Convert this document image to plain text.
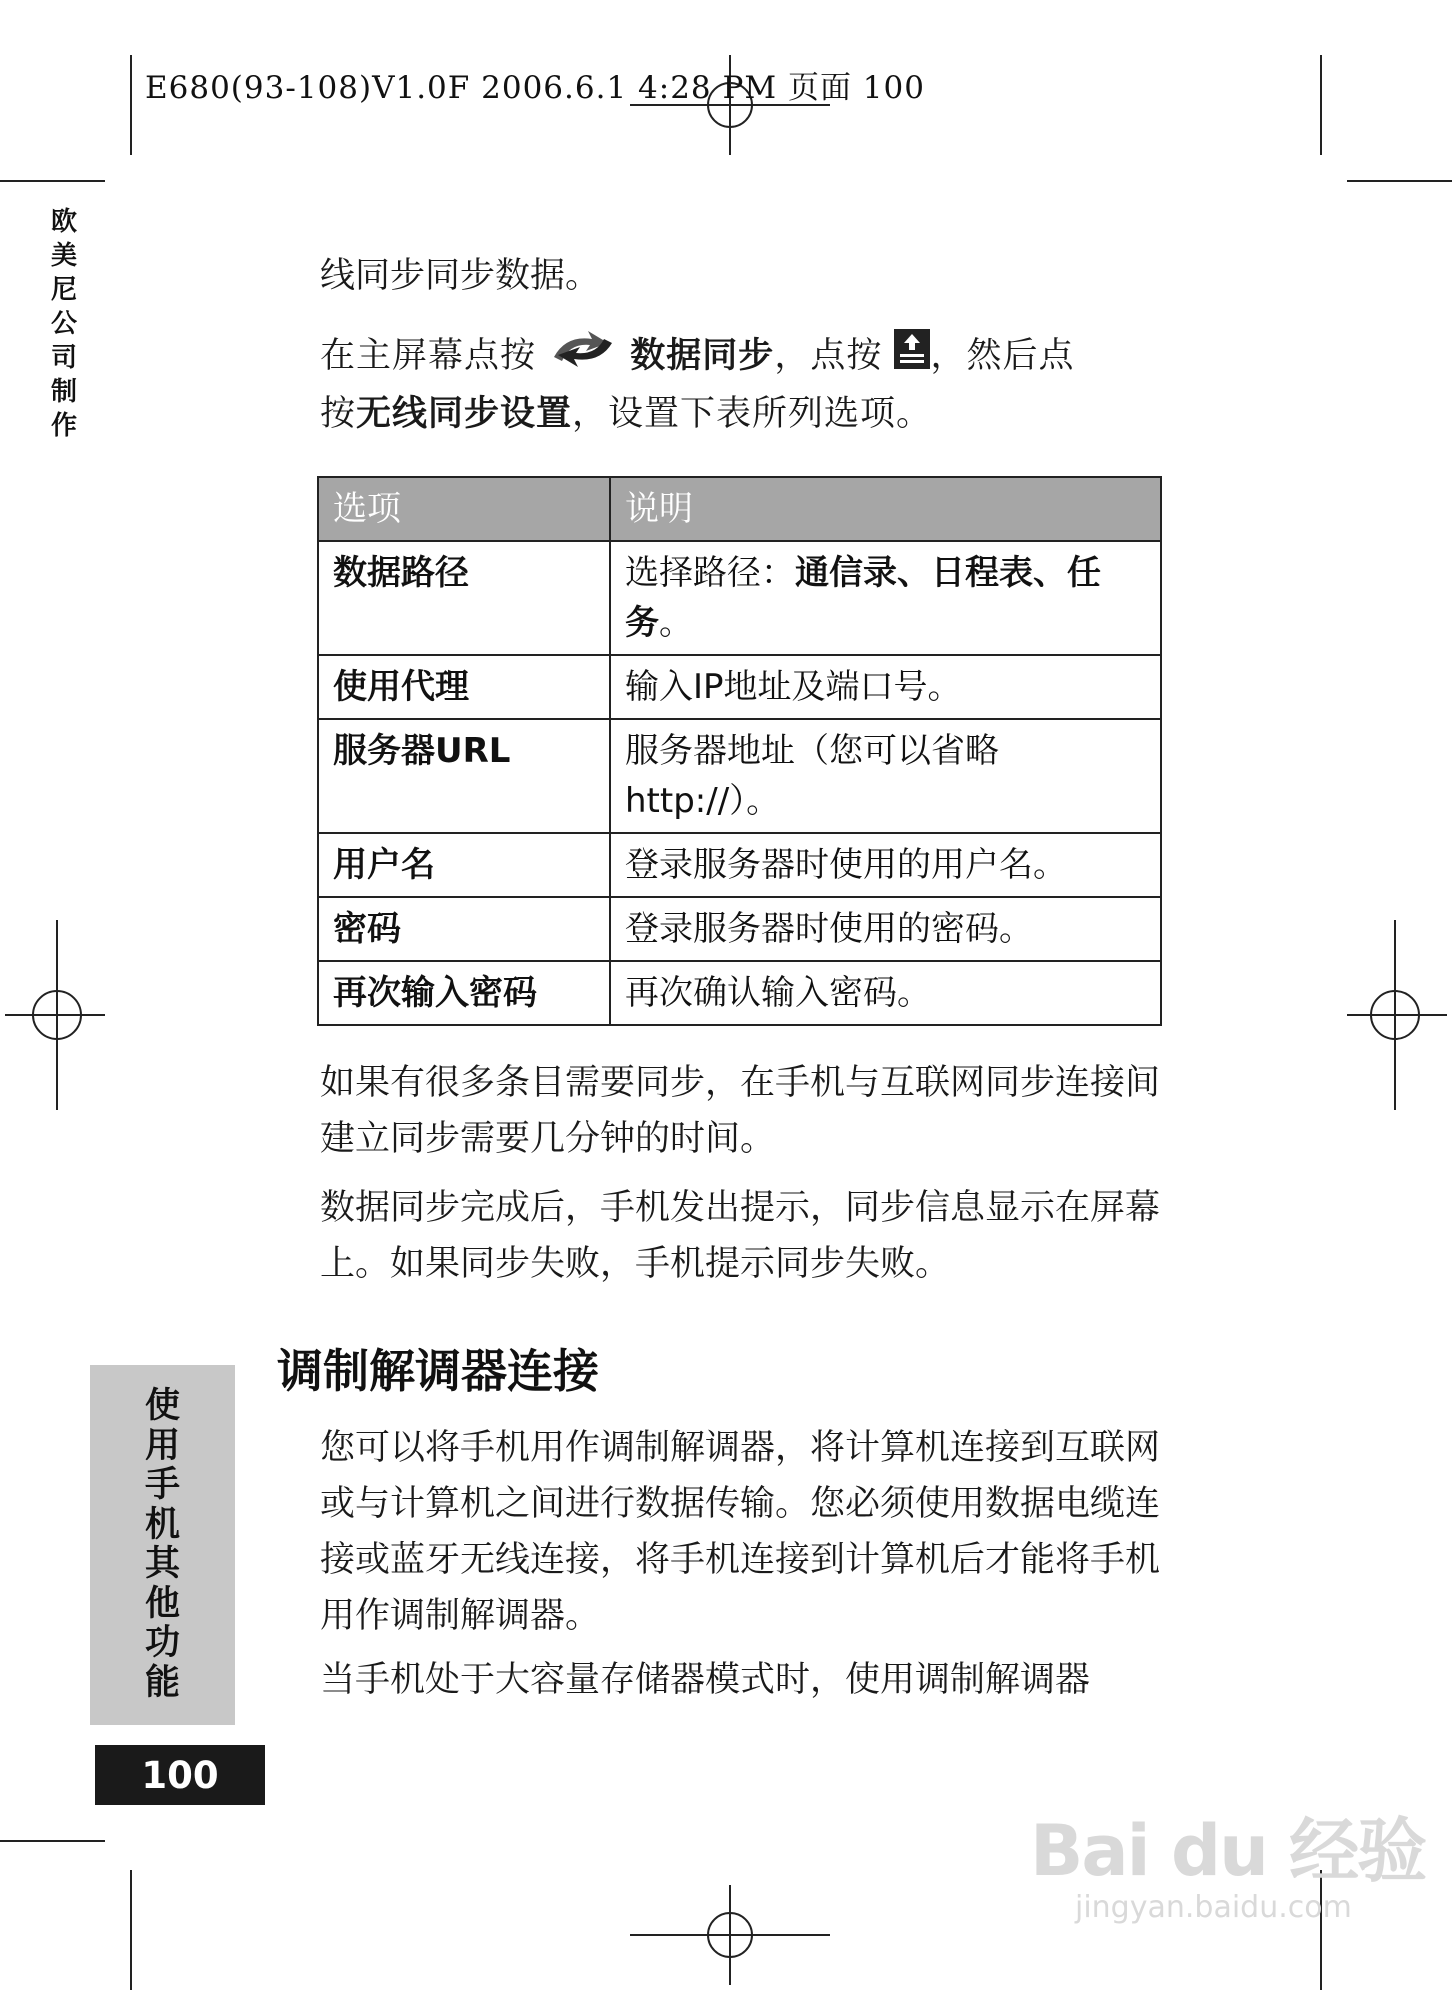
E680(93-108)V1.0F 2006.6.1 4:28 PM 页面 100
欧
美
尼
公
司
制
作
线同步同步数据。
在主屏幕点按	数据同步，点按 ，然后点
按无线同步设置，设置下表所列选项。
选项	说明
数据路径	选择路径：通信录、日程表、任务。
使用代理	输入IP地址及端口号。
服务器URL	服务器地址（您可以省略http://）。
用户名	登录服务器时使用的用户名。
密码	登录服务器时使用的密码。
再次输入密码	再次确认输入密码。
如果有很多条目需要同步，在手机与互联网同步连接间建立同步需要几分钟的时间。
数据同步完成后，手机发出提示，同步信息显示在屏幕上。如果同步失败，手机提示同步失败。
调制解调器连接
您可以将手机用作调制解调器，将计算机连接到互联网或与计算机之间进行数据传输。您必须使用数据电缆连接或蓝牙无线连接，将手机连接到计算机后才能将手机用作调制解调器。
当手机处于大容量存储器模式时，使用调制解调器
使
用
手
机
其
他
功
能
100
Bai du 经验
jingyan.baidu.com
